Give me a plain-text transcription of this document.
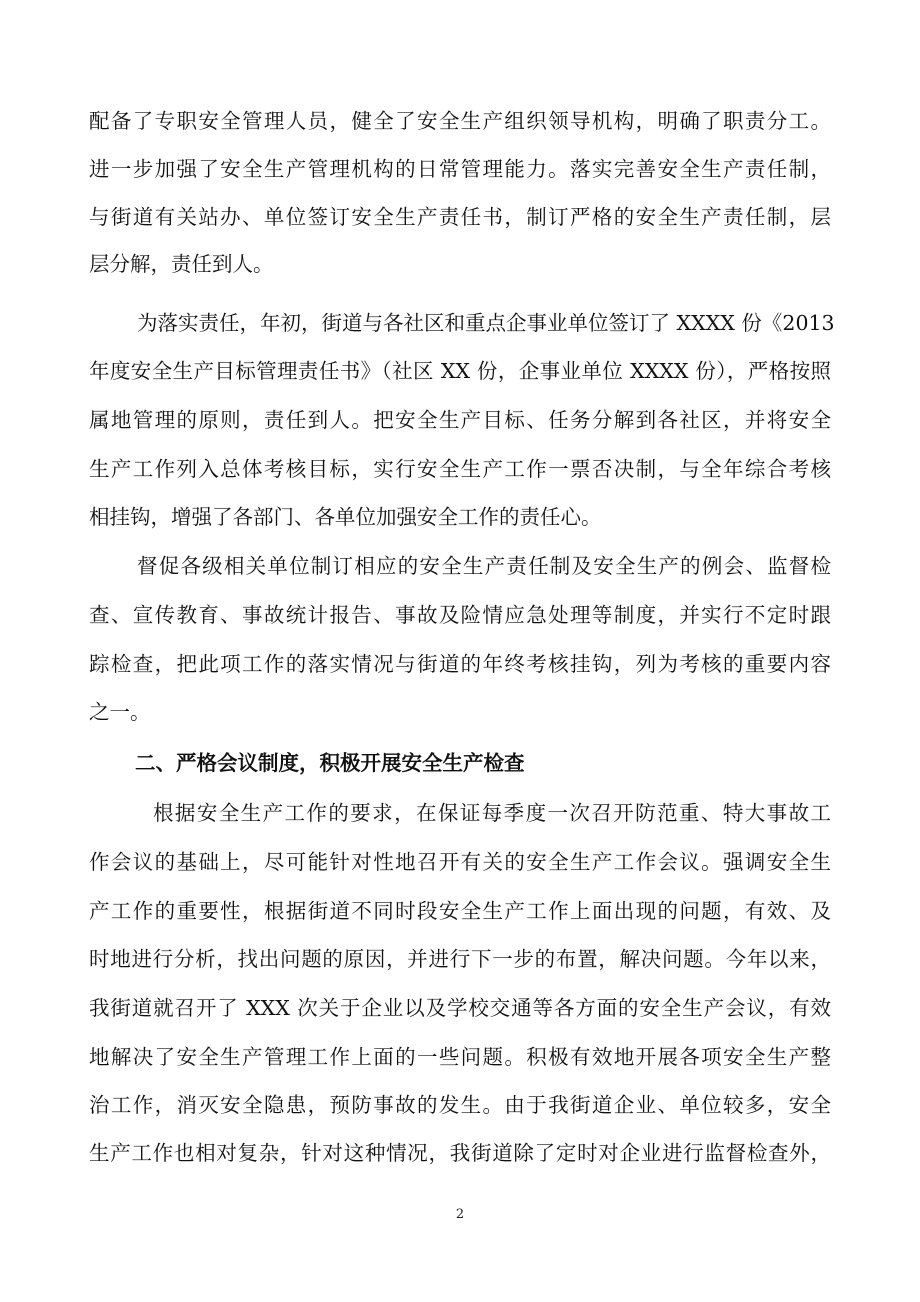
配备了专职安全管理人员，健全了安全生产组织领导机构，明确了职责分工。
进一步加强了安全生产管理机构的日常管理能力。落实完善安全生产责任制，
与街道有关站办、单位签订安全生产责任书，制订严格的安全生产责任制，层
层分解，责任到人。
为落实责任，年初，街道与各社区和重点企事业单位签订了 XXXX 份《2013
年度安全生产目标管理责任书》（社区 XX 份，企事业单位 XXXX 份），严格按照
属地管理的原则，责任到人。把安全生产目标、任务分解到各社区，并将安全
生产工作列入总体考核目标，实行安全生产工作一票否决制，与全年综合考核
相挂钩，增强了各部门、各单位加强安全工作的责任心。
督促各级相关单位制订相应的安全生产责任制及安全生产的例会、监督检
查、宣传教育、事故统计报告、事故及险情应急处理等制度，并实行不定时跟
踪检查，把此项工作的落实情况与街道的年终考核挂钩，列为考核的重要内容
之一。
二、严格会议制度，积极开展安全生产检查
根据安全生产工作的要求，在保证每季度一次召开防范重、特大事故工
作会议的基础上，尽可能针对性地召开有关的安全生产工作会议。强调安全生
产工作的重要性，根据街道不同时段安全生产工作上面出现的问题，有效、及
时地进行分析，找出问题的原因，并进行下一步的布置，解决问题。今年以来，
我街道就召开了 XXX 次关于企业以及学校交通等各方面的安全生产会议，有效
地解决了安全生产管理工作上面的一些问题。积极有效地开展各项安全生产整
治工作，消灭安全隐患，预防事故的发生。由于我街道企业、单位较多，安全
生产工作也相对复杂，针对这种情况，我街道除了定时对企业进行监督检查外，
2
